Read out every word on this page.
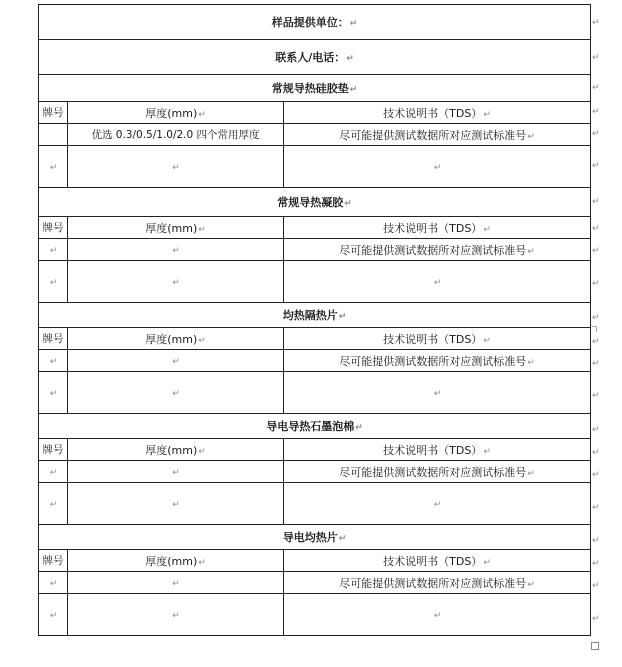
样品提供单位：↵		
联系人/电话：↵		
常规导热硅胶垫↵		
牌号	厚度(mm)↵	技术说明书（TDS）↵
	优选 0.3/0.5/1.0/2.0 四个常用厚度	尽可能提供测试数据所对应测试标准号↵
↵	↵	↵
常规导热凝胶↵		
牌号	厚度(mm)↵	技术说明书（TDS）↵
↵	↵	尽可能提供测试数据所对应测试标准号↵
↵	↵	↵
均热隔热片↵		
牌号	厚度(mm)↵	技术说明书（TDS）↵
↵	↵	尽可能提供测试数据所对应测试标准号↵
↵	↵	↵
导电导热石墨泡棉↵		
牌号	厚度(mm)↵	技术说明书（TDS）↵
↵	↵	尽可能提供测试数据所对应测试标准号↵
↵	↵	↵
导电均热片↵		
牌号	厚度(mm)↵	技术说明书（TDS）↵
↵	↵	尽可能提供测试数据所对应测试标准号↵
↵	↵	↵
↵
↵
↵
↵
↵
↵
↵
↵
↵
↵
↵
↵
↵
↵
↵
↵
↵
↵
↵
↵
↵
↵
